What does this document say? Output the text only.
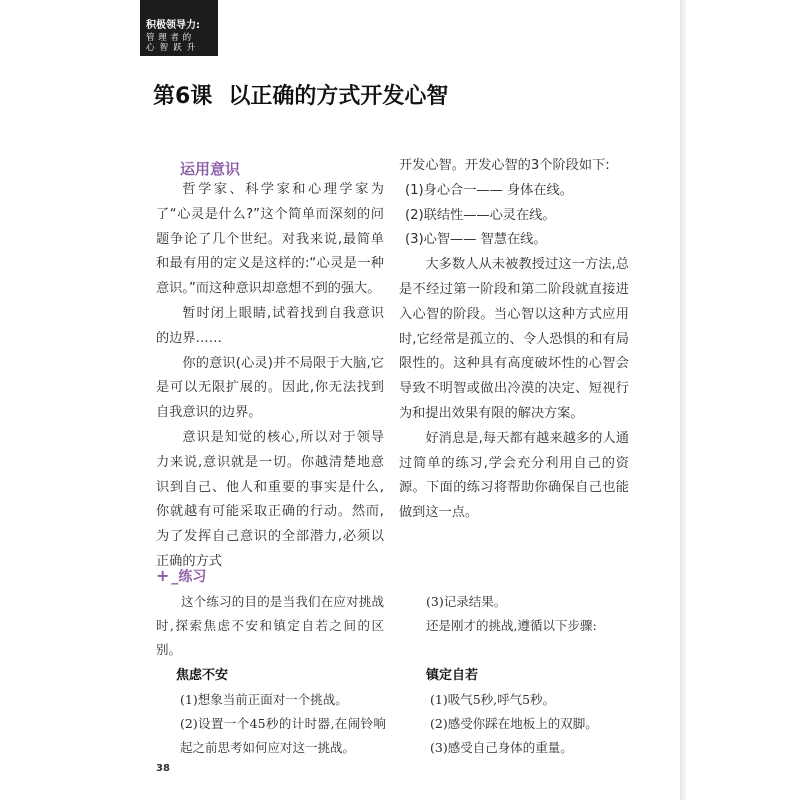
积极领导力:
管 理 者 的
心 智 跃 升
第6课 以正确的方式开发心智
运用意识

哲学家、科学家和心理学家为了“心灵是什么?”这个简单而深刻的问题争论了几个世纪。对我来说,最简单和最有用的定义是这样的:“心灵是一种意识。”而这种意识却意想不到的强大。

暂时闭上眼睛,试着找到自我意识的边界……

你的意识(心灵)并不局限于大脑,它是可以无限扩展的。因此,你无法找到自我意识的边界。

意识是知觉的核心,所以对于领导力来说,意识就是一切。你越清楚地意识到自己、他人和重要的事实是什么,你就越有可能采取正确的行动。然而,为了发挥自己意识的全部潜力,必须以正确的方式

开发心智。开发心智的3个阶段如下:

(1)身心合一—— 身体在线。

(2)联结性——心灵在线。

(3)心智—— 智慧在线。

大多数人从未被教授过这一方法,总是不经过第一阶段和第二阶段就直接进入心智的阶段。当心智以这种方式应用时,它经常是孤立的、令人恐惧的和有局限性的。这种具有高度破坏性的心智会导致不明智或做出冷漠的决定、短视行为和提出效果有限的解决方案。

好消息是,每天都有越来越多的人通过简单的练习,学会充分利用自己的资源。下面的练习将帮助你确保自己也能做到这一点。

+ _练习

这个练习的目的是当我们在应对挑战时,探索焦虑不安和镇定自若之间的区别。

(3)记录结果。

还是刚才的挑战,遵循以下步骤:

焦虑不安

(1)想象当前正面对一个挑战。

(2)设置一个45秒的计时器,在闹铃响起之前思考如何应对这一挑战。

镇定自若

(1)吸气5秒,呼气5秒。

(2)感受你踩在地板上的双脚。

(3)感受自己身体的重量。

38
